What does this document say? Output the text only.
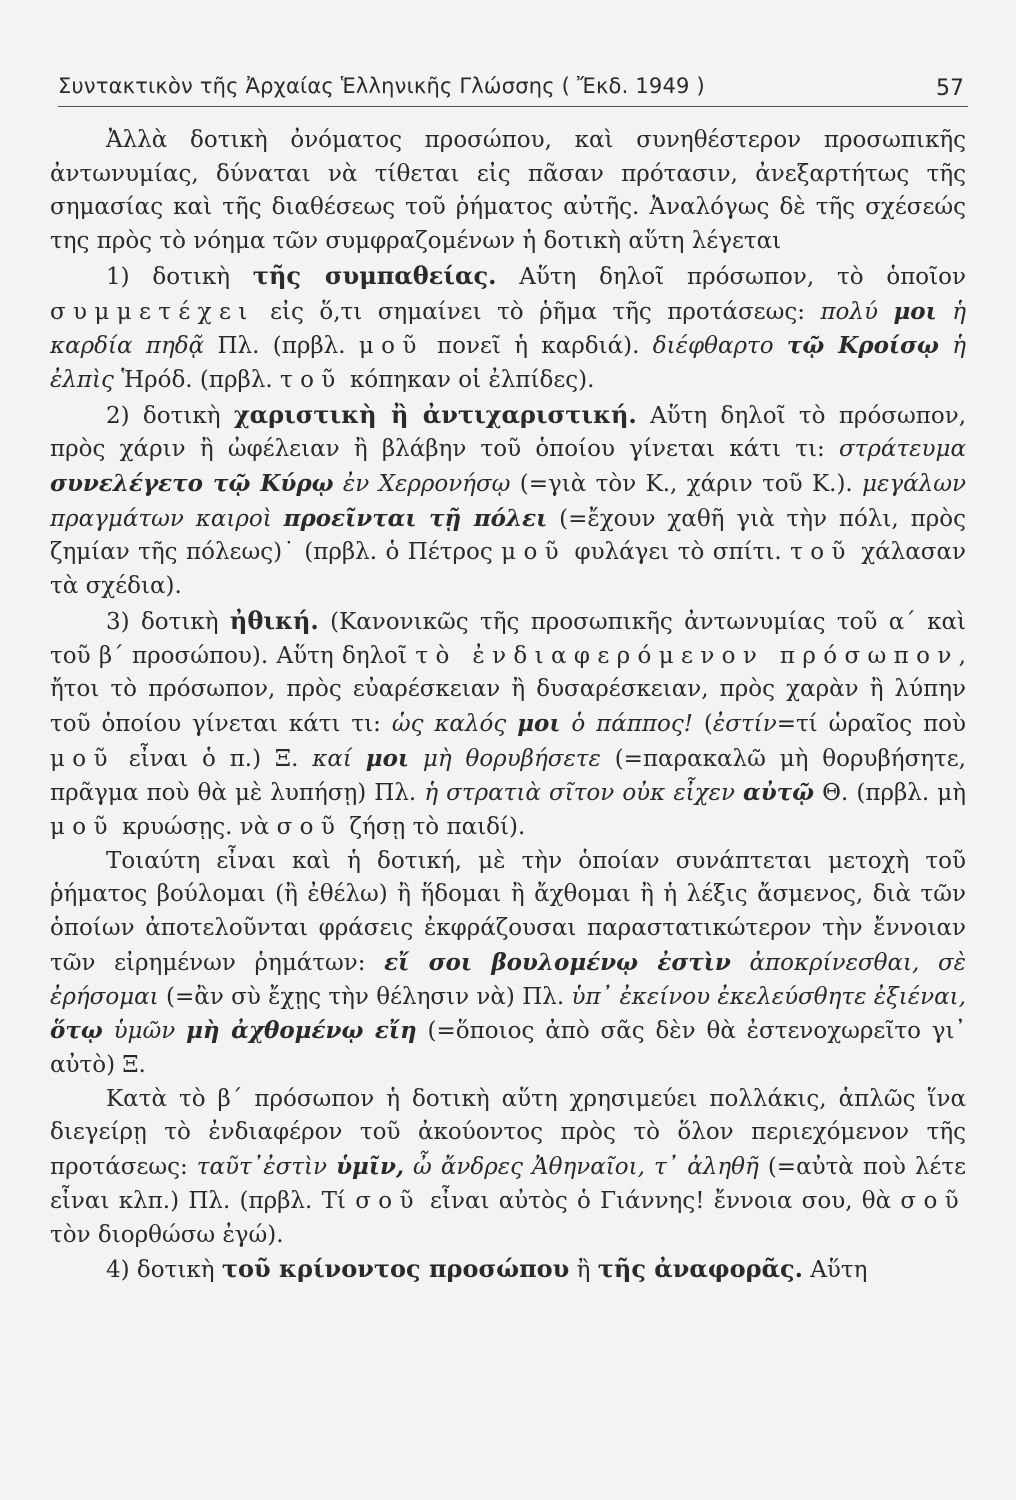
Συντακτικὸν τῆς Ἀρχαίας Ἑλληνικῆς Γλώσσης ( Ἔκδ. 1949 )	57

Ἀλλὰ δοτικὴ ὀνόματος προσώπου, καὶ συνηθέστερον προσωπικῆς ἀντωνυμίας, δύναται νὰ τίθεται εἰς πᾶσαν πρότασιν, ἀνεξαρτήτως τῆς σημασίας καὶ τῆς διαθέσεως τοῦ ῥήματος αὐτῆς. Ἀναλόγως δὲ τῆς σχέσεώς της πρὸς τὸ νόημα τῶν συμφραζομένων ἡ δοτικὴ αὕτη λέγεται

1) δοτικὴ τῆς συμπαθείας. Αὕτη δηλοῖ πρόσωπον, τὸ ὁποῖον συμμετέχει εἰς ὅ,τι σημαίνει τὸ ῥῆμα τῆς προτάσεως: πολύ μοι ἡ καρδία πηδᾷ Πλ. (πρβλ. μοῦ πονεῖ ἡ καρδιά). διέφθαρτο τῷ Κροίσῳ ἡ ἐλπὶς Ἡρόδ. (πρβλ. τοῦ κόπηκαν οἱ ἐλπίδες).

2) δοτικὴ χαριστικὴ ἢ ἀντιχαριστική. Αὕτη δηλοῖ τὸ πρόσωπον, πρὸς χάριν ἢ ὠφέλειαν ἢ βλάβην τοῦ ὁποίου γίνεται κάτι τι: στράτευμα συνελέγετο τῷ Κύρῳ ἐν Χερρονήσῳ (=γιὰ τὸν Κ., χάριν τοῦ Κ.). μεγάλων πραγμάτων καιροὶ προεῖνται τῇ πόλει (=ἔχουν χαθῆ γιὰ τὴν πόλι, πρὸς ζημίαν τῆς πόλεως)˙ (πρβλ. ὁ Πέτρος μοῦ φυλάγει τὸ σπίτι. τοῦ χάλασαν τὰ σχέδια).

3) δοτικὴ ἠθική. (Κανονικῶς τῆς προσωπικῆς ἀντωνυμίας τοῦ α´ καὶ τοῦ β´ προσώπου). Αὕτη δηλοῖ τὸ ἐνδιαφερόμενον πρόσωπον, ἤτοι τὸ πρόσωπον, πρὸς εὐαρέσκειαν ἢ δυσαρέσκειαν, πρὸς χαρὰν ἢ λύπην τοῦ ὁποίου γίνεται κάτι τι: ὡς καλός μοι ὁ πάππος! (ἐστίν=τί ὡραῖος ποὺ μοῦ εἶναι ὁ π.) Ξ. καί μοι μὴ θορυβήσετε (=παρακαλῶ μὴ θορυβήσητε, πρᾶγμα ποὺ θὰ μὲ λυπήσῃ) Πλ. ἡ στρατιὰ σῖτον οὐκ εἶχεν αὐτῷ Θ. (πρβλ. μὴ μοῦ κρυώσῃς. νὰ σοῦ ζήσῃ τὸ παιδί).

Τοιαύτη εἶναι καὶ ἡ δοτική, μὲ τὴν ὁποίαν συνάπτεται μετοχὴ τοῦ ῥήματος βούλομαι (ἢ ἐθέλω) ἢ ἥδομαι ἢ ἄχθομαι ἢ ἡ λέξις ἄσμενος, διὰ τῶν ὁποίων ἀποτελοῦνται φράσεις ἐκφράζουσαι παραστατικώτερον τὴν ἔννοιαν τῶν εἰρημένων ῥημάτων: εἴ σοι βουλομένῳ ἐστὶν ἀποκρίνεσθαι, σὲ ἐρήσομαι (=ἂν σὺ ἔχῃς τὴν θέλησιν νὰ) Πλ. ὑπ᾽ ἐκείνου ἐκελεύσθητε ἐξιέναι, ὅτῳ ὑμῶν μὴ ἀχθομένῳ εἴη (=ὅποιος ἀπὸ σᾶς δὲν θὰ ἐστενοχωρεῖτο γι᾽ αὐτὸ) Ξ.

Κατὰ τὸ β´ πρόσωπον ἡ δοτικὴ αὕτη χρησιμεύει πολλάκις, ἁπλῶς ἵνα διεγείρῃ τὸ ἐνδιαφέρον τοῦ ἀκούοντος πρὸς τὸ ὅλον περιεχόμενον τῆς προτάσεως: ταῦτ᾽ἐστὶν ὑμῖν, ὦ ἄνδρες Ἀθηναῖοι, τ᾽ ἀληθῆ (=αὐτὰ ποὺ λέτε εἶναι κλπ.) Πλ. (πρβλ. Τί σοῦ εἶναι αὐτὸς ὁ Γιάννης! ἔννοια σου, θὰ σοῦ τὸν διορθώσω ἐγώ).

4) δοτικὴ τοῦ κρίνοντος προσώπου ἢ τῆς ἀναφορᾶς. Αὕτη
